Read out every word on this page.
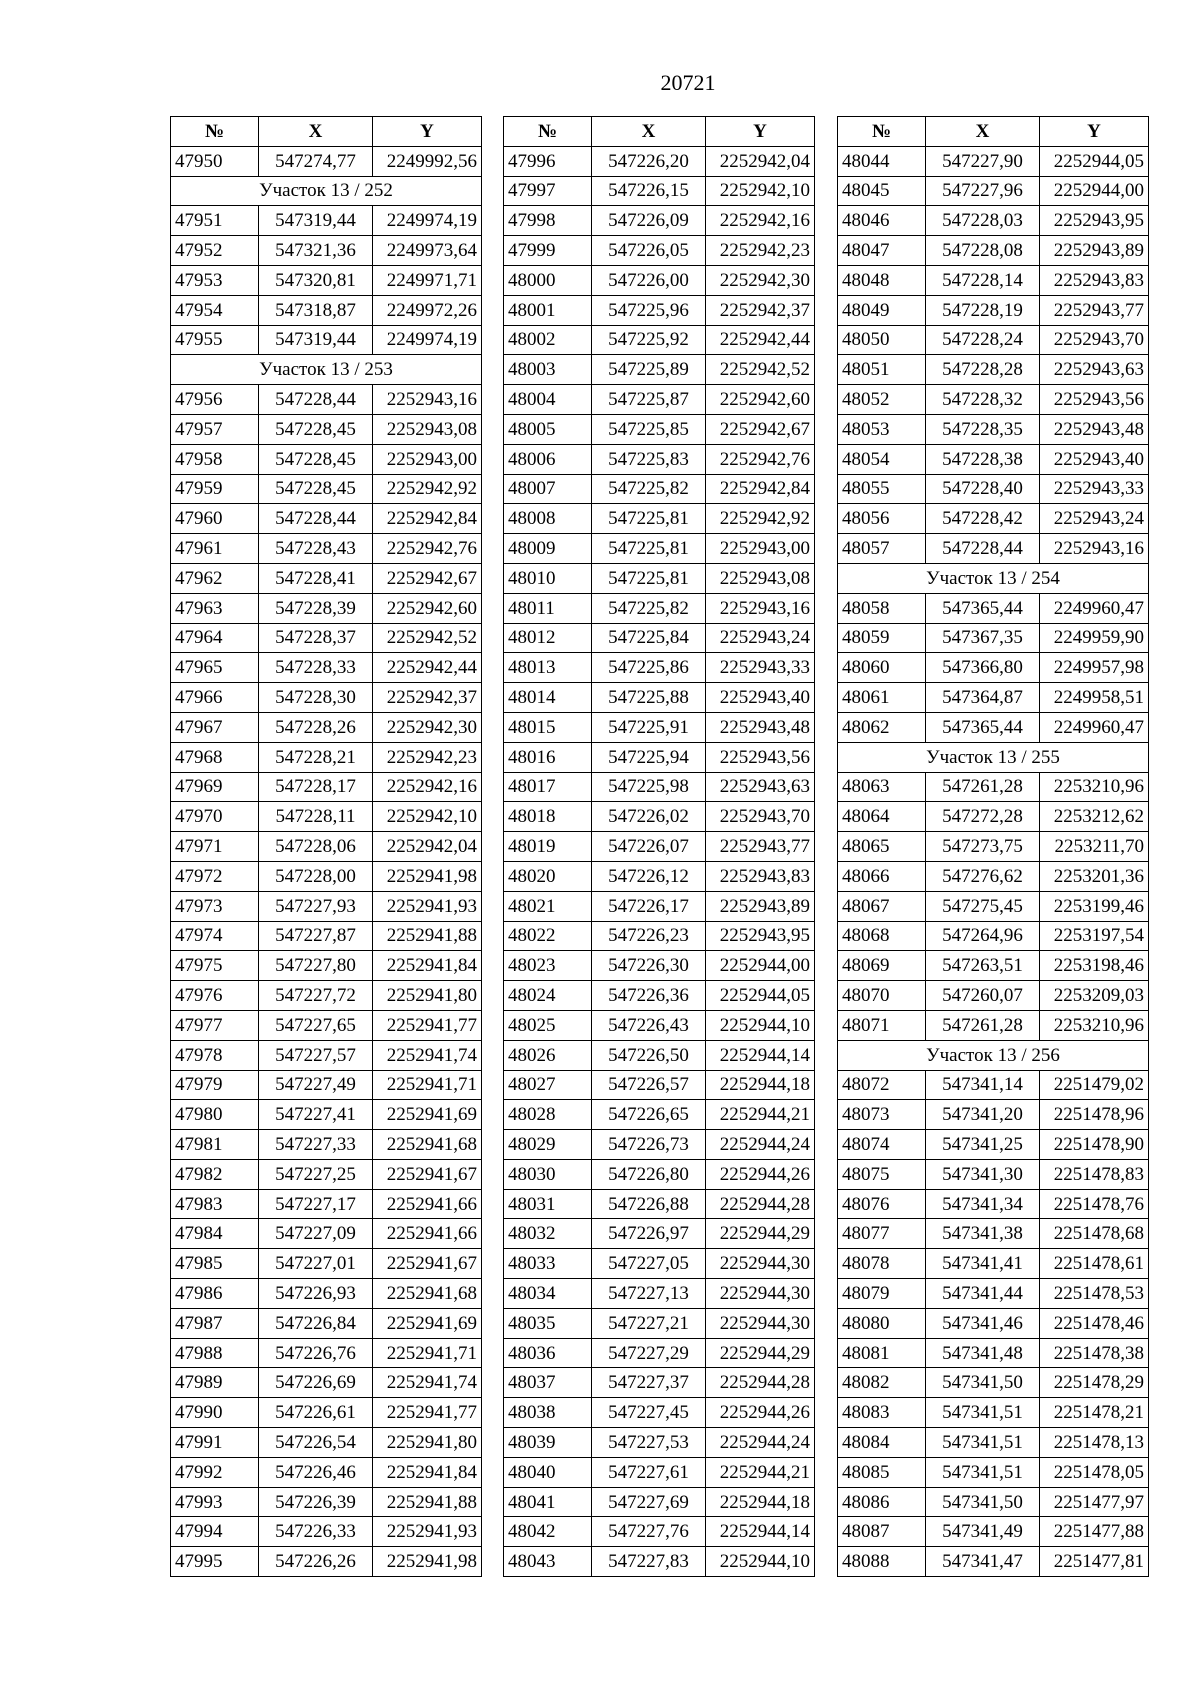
20721
№	X	Y
47950	547274,77	2249992,56
Участок 13 / 252		
47951	547319,44	2249974,19
47952	547321,36	2249973,64
47953	547320,81	2249971,71
47954	547318,87	2249972,26
47955	547319,44	2249974,19
Участок 13 / 253		
47956	547228,44	2252943,16
47957	547228,45	2252943,08
47958	547228,45	2252943,00
47959	547228,45	2252942,92
47960	547228,44	2252942,84
47961	547228,43	2252942,76
47962	547228,41	2252942,67
47963	547228,39	2252942,60
47964	547228,37	2252942,52
47965	547228,33	2252942,44
47966	547228,30	2252942,37
47967	547228,26	2252942,30
47968	547228,21	2252942,23
47969	547228,17	2252942,16
47970	547228,11	2252942,10
47971	547228,06	2252942,04
47972	547228,00	2252941,98
47973	547227,93	2252941,93
47974	547227,87	2252941,88
47975	547227,80	2252941,84
47976	547227,72	2252941,80
47977	547227,65	2252941,77
47978	547227,57	2252941,74
47979	547227,49	2252941,71
47980	547227,41	2252941,69
47981	547227,33	2252941,68
47982	547227,25	2252941,67
47983	547227,17	2252941,66
47984	547227,09	2252941,66
47985	547227,01	2252941,67
47986	547226,93	2252941,68
47987	547226,84	2252941,69
47988	547226,76	2252941,71
47989	547226,69	2252941,74
47990	547226,61	2252941,77
47991	547226,54	2252941,80
47992	547226,46	2252941,84
47993	547226,39	2252941,88
47994	547226,33	2252941,93
47995	547226,26	2252941,98
№	X	Y
47996	547226,20	2252942,04
47997	547226,15	2252942,10
47998	547226,09	2252942,16
47999	547226,05	2252942,23
48000	547226,00	2252942,30
48001	547225,96	2252942,37
48002	547225,92	2252942,44
48003	547225,89	2252942,52
48004	547225,87	2252942,60
48005	547225,85	2252942,67
48006	547225,83	2252942,76
48007	547225,82	2252942,84
48008	547225,81	2252942,92
48009	547225,81	2252943,00
48010	547225,81	2252943,08
48011	547225,82	2252943,16
48012	547225,84	2252943,24
48013	547225,86	2252943,33
48014	547225,88	2252943,40
48015	547225,91	2252943,48
48016	547225,94	2252943,56
48017	547225,98	2252943,63
48018	547226,02	2252943,70
48019	547226,07	2252943,77
48020	547226,12	2252943,83
48021	547226,17	2252943,89
48022	547226,23	2252943,95
48023	547226,30	2252944,00
48024	547226,36	2252944,05
48025	547226,43	2252944,10
48026	547226,50	2252944,14
48027	547226,57	2252944,18
48028	547226,65	2252944,21
48029	547226,73	2252944,24
48030	547226,80	2252944,26
48031	547226,88	2252944,28
48032	547226,97	2252944,29
48033	547227,05	2252944,30
48034	547227,13	2252944,30
48035	547227,21	2252944,30
48036	547227,29	2252944,29
48037	547227,37	2252944,28
48038	547227,45	2252944,26
48039	547227,53	2252944,24
48040	547227,61	2252944,21
48041	547227,69	2252944,18
48042	547227,76	2252944,14
48043	547227,83	2252944,10
№	X	Y
48044	547227,90	2252944,05
48045	547227,96	2252944,00
48046	547228,03	2252943,95
48047	547228,08	2252943,89
48048	547228,14	2252943,83
48049	547228,19	2252943,77
48050	547228,24	2252943,70
48051	547228,28	2252943,63
48052	547228,32	2252943,56
48053	547228,35	2252943,48
48054	547228,38	2252943,40
48055	547228,40	2252943,33
48056	547228,42	2252943,24
48057	547228,44	2252943,16
Участок 13 / 254		
48058	547365,44	2249960,47
48059	547367,35	2249959,90
48060	547366,80	2249957,98
48061	547364,87	2249958,51
48062	547365,44	2249960,47
Участок 13 / 255		
48063	547261,28	2253210,96
48064	547272,28	2253212,62
48065	547273,75	2253211,70
48066	547276,62	2253201,36
48067	547275,45	2253199,46
48068	547264,96	2253197,54
48069	547263,51	2253198,46
48070	547260,07	2253209,03
48071	547261,28	2253210,96
Участок 13 / 256		
48072	547341,14	2251479,02
48073	547341,20	2251478,96
48074	547341,25	2251478,90
48075	547341,30	2251478,83
48076	547341,34	2251478,76
48077	547341,38	2251478,68
48078	547341,41	2251478,61
48079	547341,44	2251478,53
48080	547341,46	2251478,46
48081	547341,48	2251478,38
48082	547341,50	2251478,29
48083	547341,51	2251478,21
48084	547341,51	2251478,13
48085	547341,51	2251478,05
48086	547341,50	2251477,97
48087	547341,49	2251477,88
48088	547341,47	2251477,81
